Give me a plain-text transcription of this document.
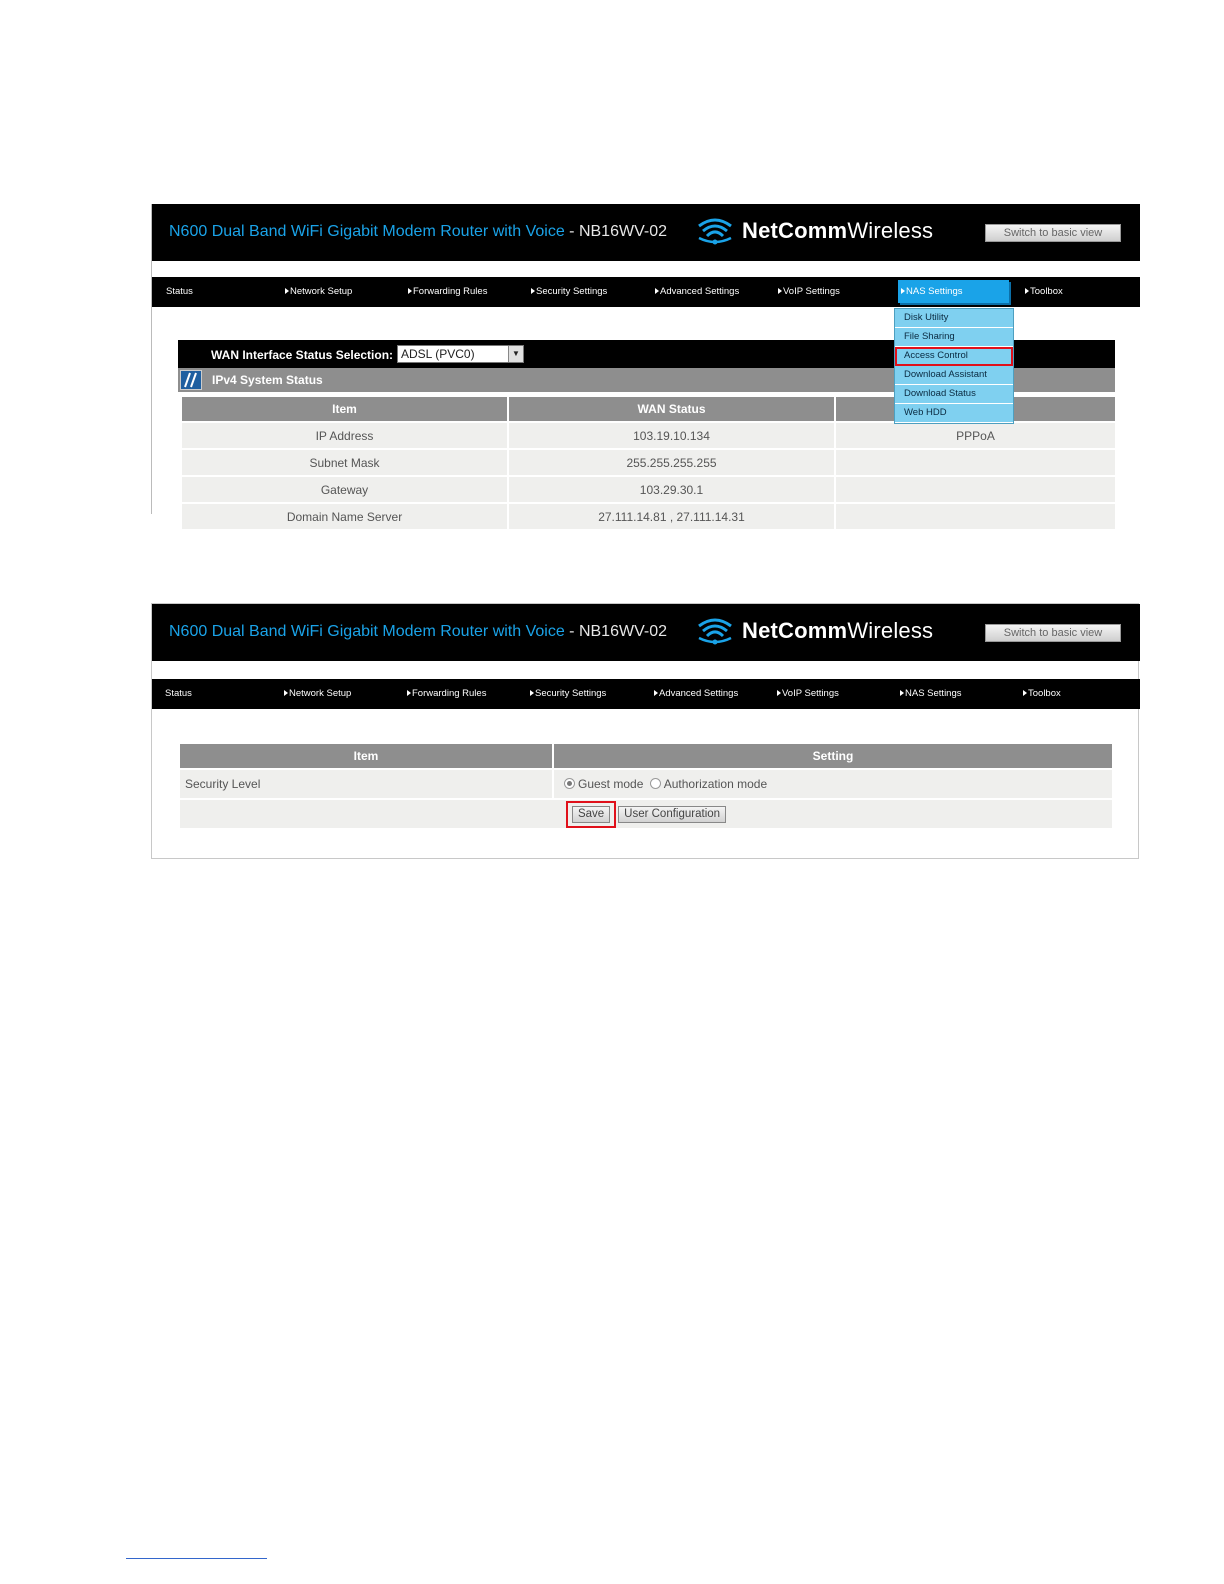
N600 Dual Band WiFi Gigabit Modem Router with Voice - NB16WV-02	NetCommWireless	Switch to basic view
Status	Network Setup	Forwarding Rules	Security Settings	Advanced Settings	VoIP Settings	NAS Settings	Toolbox
WAN Interface Status Selection: ADSL (PVC0)	▼
IPv4 System Status
Item	WAN Status	
IP Address	103.19.10.134	PPPoA
Subnet Mask	255.255.255.255	
Gateway	103.29.30.1	
Domain Name Server	27.111.14.81 , 27.111.14.31	
Disk Utility
File Sharing
Access Control
Download Assistant
Download Status
Web HDD
N600 Dual Band WiFi Gigabit Modem Router with Voice - NB16WV-02	NetCommWireless	Switch to basic view
Status	Network Setup	Forwarding Rules	Security Settings	Advanced Settings	VoIP Settings	NAS Settings	Toolbox
Item	Setting
Security Level	Guest mode Authorization mode
Save User Configuration	
